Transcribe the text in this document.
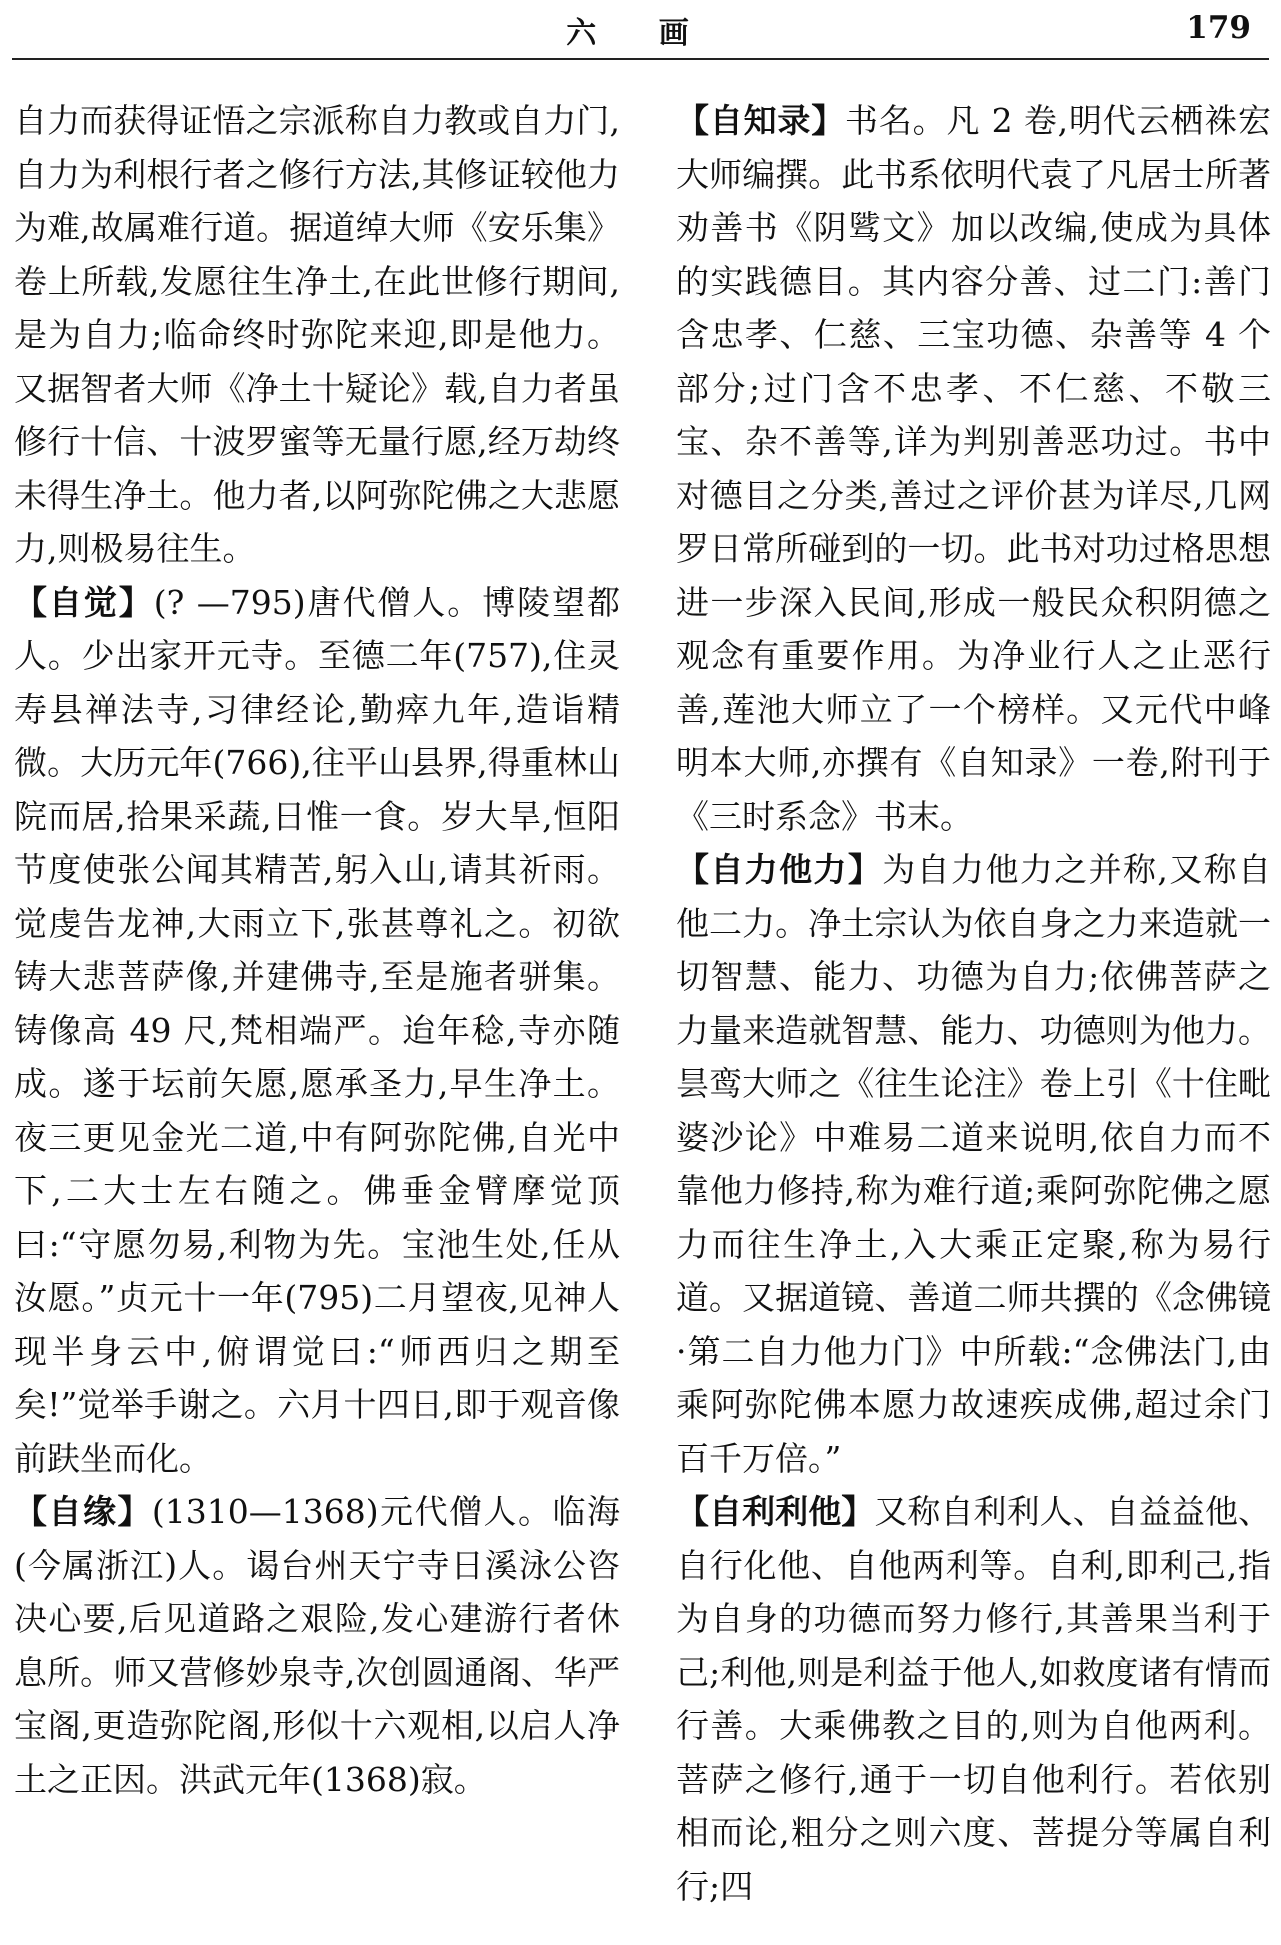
六 画	179

自力而获得证悟之宗派称自力教或自力门,自力为利根行者之修行方法,其修证较他力为难,故属难行道。据道绰大师《安乐集》卷上所载,发愿往生净土,在此世修行期间,是为自力;临命终时弥陀来迎,即是他力。又据智者大师《净土十疑论》载,自力者虽修行十信、十波罗蜜等无量行愿,经万劫终未得生净土。他力者,以阿弥陀佛之大悲愿力,则极易往生。

【自觉】(? —795)唐代僧人。博陵望都人。少出家开元寺。至德二年(757),住灵寿县禅法寺,习律经论,勤瘁九年,造诣精微。大历元年(766),往平山县界,得重林山院而居,拾果采蔬,日惟一食。岁大旱,恒阳节度使张公闻其精苦,躬入山,请其祈雨。觉虔告龙神,大雨立下,张甚尊礼之。初欲铸大悲菩萨像,并建佛寺,至是施者骈集。铸像高 49 尺,梵相端严。迨年稔,寺亦随成。遂于坛前矢愿,愿承圣力,早生净土。夜三更见金光二道,中有阿弥陀佛,自光中下,二大士左右随之。佛垂金臂摩觉顶曰:“守愿勿易,利物为先。宝池生处,任从汝愿。”贞元十一年(795)二月望夜,见神人现半身云中,俯谓觉曰:“师西归之期至矣!”觉举手谢之。六月十四日,即于观音像前趺坐而化。

【自缘】(1310—1368)元代僧人。临海(今属浙江)人。谒台州天宁寺日溪泳公咨决心要,后见道路之艰险,发心建游行者休息所。师又营修妙泉寺,次创圆通阁、华严宝阁,更造弥陀阁,形似十六观相,以启人净土之正因。洪武元年(1368)寂。

【自知录】书名。凡 2 卷,明代云栖袾宏大师编撰。此书系依明代袁了凡居士所著劝善书《阴骘文》加以改编,使成为具体的实践德目。其内容分善、过二门:善门含忠孝、仁慈、三宝功德、杂善等 4 个部分;过门含不忠孝、不仁慈、不敬三宝、杂不善等,详为判别善恶功过。书中对德目之分类,善过之评价甚为详尽,几网罗日常所碰到的一切。此书对功过格思想进一步深入民间,形成一般民众积阴德之观念有重要作用。为净业行人之止恶行善,莲池大师立了一个榜样。又元代中峰明本大师,亦撰有《自知录》一卷,附刊于《三时系念》书末。

【自力他力】为自力他力之并称,又称自他二力。净土宗认为依自身之力来造就一切智慧、能力、功德为自力;依佛菩萨之力量来造就智慧、能力、功德则为他力。昙鸾大师之《往生论注》卷上引《十住毗婆沙论》中难易二道来说明,依自力而不靠他力修持,称为难行道;乘阿弥陀佛之愿力而往生净土,入大乘正定聚,称为易行道。又据道镜、善道二师共撰的《念佛镜·第二自力他力门》中所载:“念佛法门,由乘阿弥陀佛本愿力故速疾成佛,超过余门百千万倍。”

【自利利他】又称自利利人、自益益他、自行化他、自他两利等。自利,即利己,指为自身的功德而努力修行,其善果当利于己;利他,则是利益于他人,如救度诸有情而行善。大乘佛教之目的,则为自他两利。菩萨之修行,通于一切自他利行。若依别相而论,粗分之则六度、菩提分等属自利行;四
